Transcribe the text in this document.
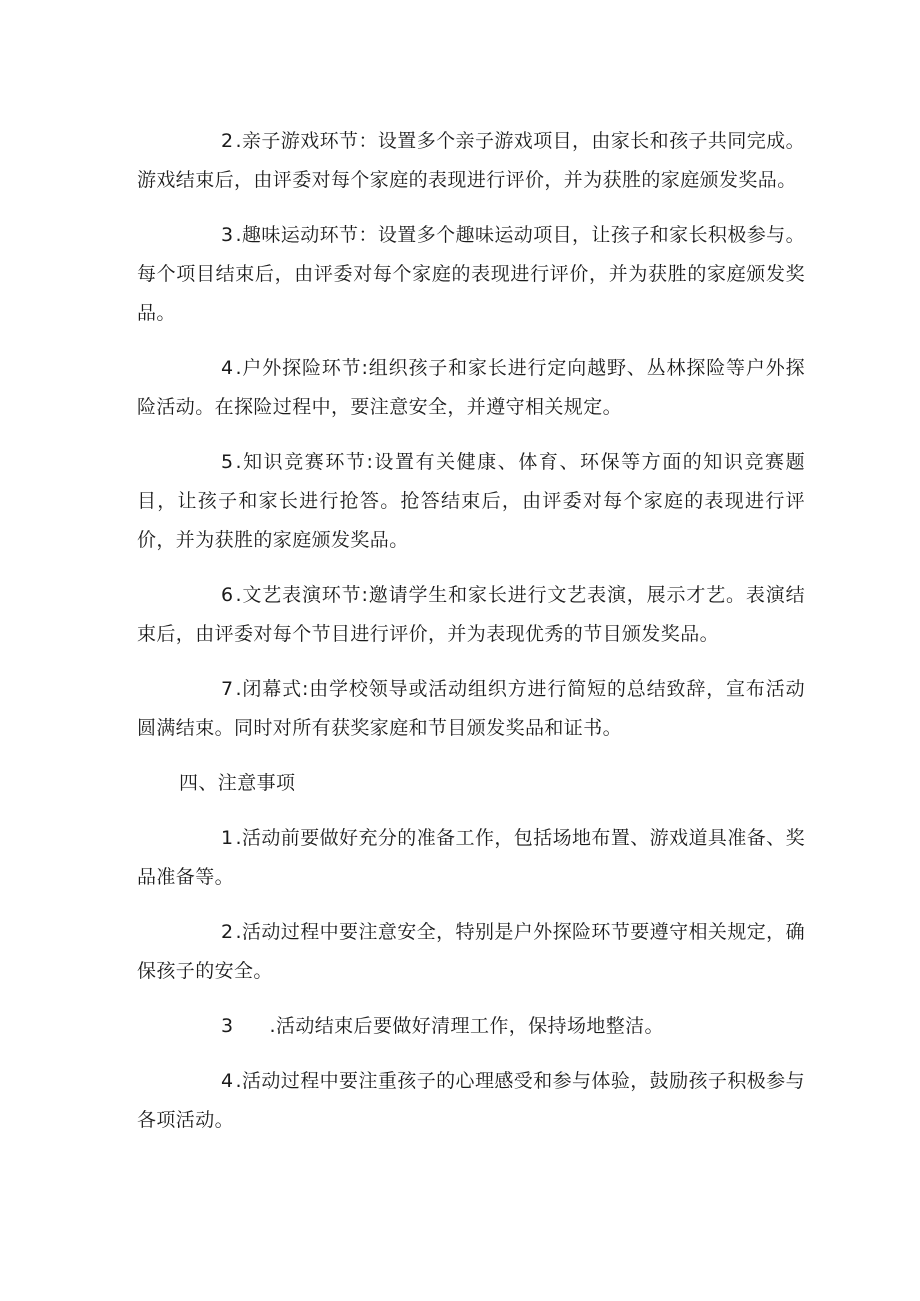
2 .亲子游戏环节：设置多个亲子游戏项目，由家长和孩子共同完成。游戏结束后，由评委对每个家庭的表现进行评价，并为获胜的家庭颁发奖品。

3 .趣味运动环节：设置多个趣味运动项目，让孩子和家长积极参与。每个项目结束后，由评委对每个家庭的表现进行评价，并为获胜的家庭颁发奖品。

4 .户外探险环节:组织孩子和家长进行定向越野、丛林探险等户外探险活动。在探险过程中，要注意安全，并遵守相关规定。

5 .知识竞赛环节:设置有关健康、体育、环保等方面的知识竞赛题目，让孩子和家长进行抢答。抢答结束后，由评委对每个家庭的表现进行评价，并为获胜的家庭颁发奖品。

6 .文艺表演环节:邀请学生和家长进行文艺表演，展示才艺。表演结束后，由评委对每个节目进行评价，并为表现优秀的节目颁发奖品。

7 .闭幕式:由学校领导或活动组织方进行简短的总结致辞，宣布活动圆满结束。同时对所有获奖家庭和节目颁发奖品和证书。

四、注意事项

1 .活动前要做好充分的准备工作，包括场地布置、游戏道具准备、奖品准备等。

2 .活动过程中要注意安全，特别是户外探险环节要遵守相关规定，确保孩子的安全。

3 .活动结束后要做好清理工作，保持场地整洁。

4 .活动过程中要注重孩子的心理感受和参与体验，鼓励孩子积极参与各项活动。
